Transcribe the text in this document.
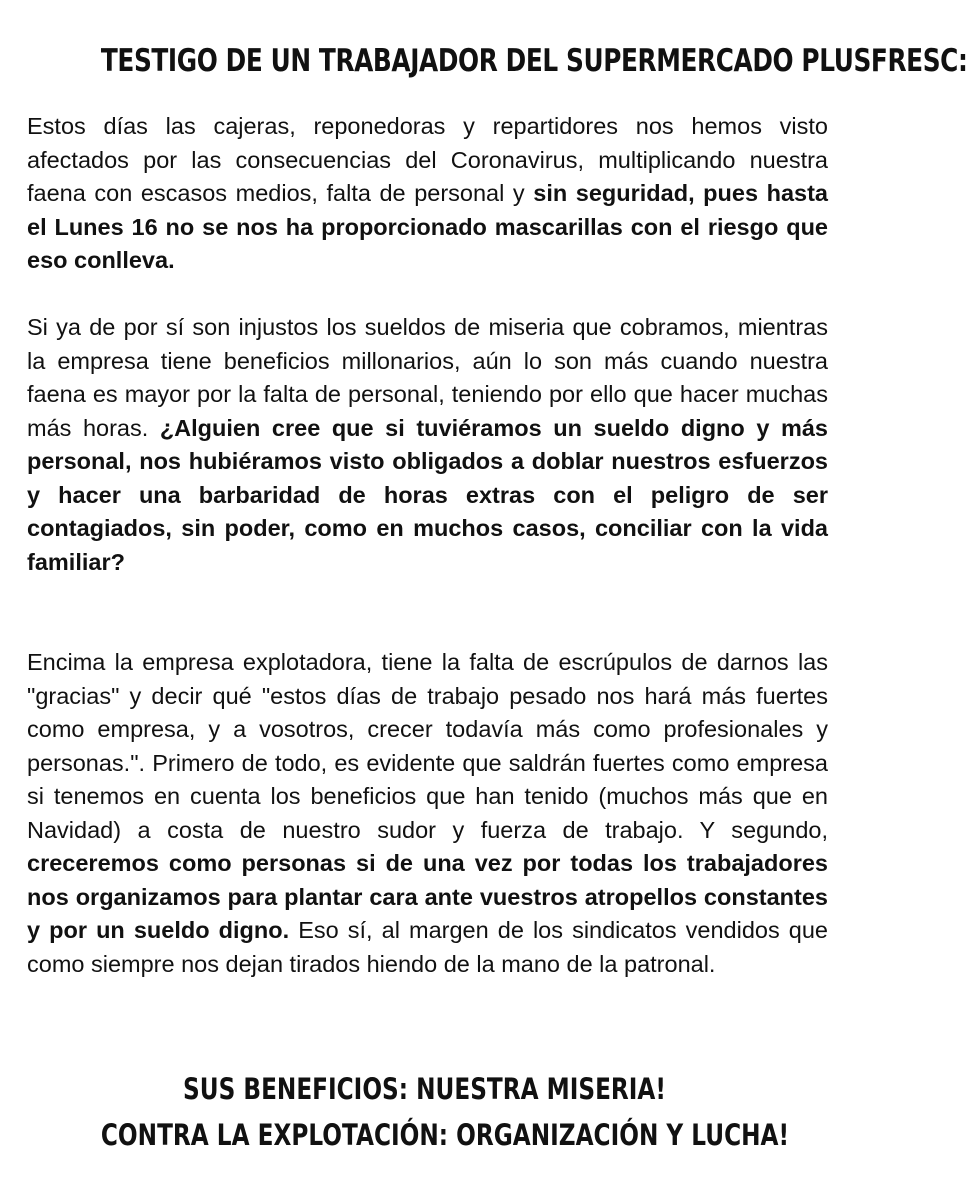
TESTIGO DE UN TRABAJADOR DEL SUPERMERCADO PLUSFRESC:

Estos días las cajeras, reponedoras y repartidores nos hemos visto afectados por las consecuencias del Coronavirus, multiplicando nuestra faena con escasos medios, falta de personal y sin seguridad, pues hasta el Lunes 16 no se nos ha proporcionado mascarillas con el riesgo que eso conlleva.

Si ya de por sí son injustos los sueldos de miseria que cobramos, mientras la empresa tiene beneficios millonarios, aún lo son más cuando nuestra faena es mayor por la falta de personal, teniendo por ello que hacer muchas más horas. ¿Alguien cree que si tuviéramos un sueldo digno y más personal, nos hubiéramos visto obligados a doblar nuestros esfuerzos y hacer una barbaridad de horas extras con el peligro de ser contagiados, sin poder, como en muchos casos, conciliar con la vida familiar?

Encima la empresa explotadora, tiene la falta de escrúpulos de darnos las "gracias" y decir qué "estos días de trabajo pesado nos hará más fuertes como empresa, y a vosotros, crecer todavía más como profesionales y personas.". Primero de todo, es evidente que saldrán fuertes como empresa si tenemos en cuenta los beneficios que han tenido (muchos más que en Navidad) a costa de nuestro sudor y fuerza de trabajo. Y segundo, creceremos como personas si de una vez por todas los trabajadores nos organizamos para plantar cara ante vuestros atropellos constantes y por un sueldo digno. Eso sí, al margen de los sindicatos vendidos que como siempre nos dejan tirados hiendo de la mano de la patronal.

SUS BENEFICIOS: NUESTRA MISERIA!
CONTRA LA EXPLOTACIÓN: ORGANIZACIÓN Y LUCHA!
